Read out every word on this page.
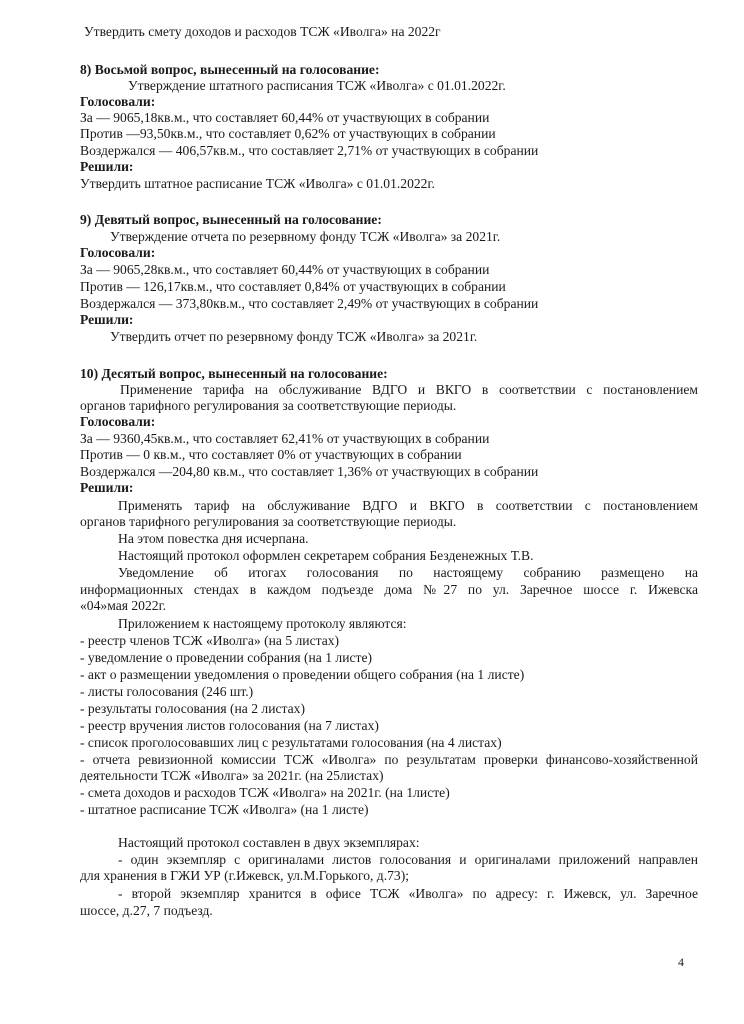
Утвердить смету доходов и расходов ТСЖ «Иволга» на 2022г
8) Восьмой вопрос, вынесенный на голосование:
Утверждение штатного расписания ТСЖ «Иволга» с 01.01.2022г.
Голосовали:
За — 9065,18кв.м., что составляет 60,44% от участвующих в собрании
Против —93,50кв.м., что составляет 0,62% от участвующих в собрании
Воздержался — 406,57кв.м., что составляет 2,71% от участвующих в собрании
Решили:
Утвердить штатное расписание ТСЖ «Иволга» с 01.01.2022г.
9) Девятый вопрос, вынесенный на голосование:
Утверждение отчета по резервному фонду ТСЖ «Иволга» за 2021г.
Голосовали:
За — 9065,28кв.м., что составляет 60,44% от участвующих в собрании
Против — 126,17кв.м., что составляет 0,84% от участвующих в собрании
Воздержался — 373,80кв.м., что составляет 2,49% от участвующих в собрании
Решили:
Утвердить отчет по резервному фонду ТСЖ «Иволга» за 2021г.
10) Десятый вопрос, вынесенный на голосование:
Применение тарифа на обслуживание ВДГО и ВКГО в соответствии с постановлением
органов тарифного регулирования за соответствующие периоды.
Голосовали:
За — 9360,45кв.м., что составляет 62,41% от участвующих в собрании
Против — 0 кв.м., что составляет 0% от участвующих в собрании
Воздержался —204,80 кв.м., что составляет 1,36% от участвующих в собрании
Решили:
Применять тариф на обслуживание ВДГО и ВКГО в соответствии с постановлением
органов тарифного регулирования за соответствующие периоды.
На этом повестка дня исчерпана.
Настоящий протокол оформлен секретарем собрания Безденежных Т.В.
Уведомление об итогах голосования по настоящему собранию размещено на
информационных стендах в каждом подъезде дома №27 по ул. Заречное шоссе г. Ижевска
«04»мая 2022г.
Приложением к настоящему протоколу являются:
- реестр членов ТСЖ «Иволга» (на 5 листах)
- уведомление о проведении собрания (на 1 листе)
- акт о размещении уведомления о проведении общего собрания (на 1 листе)
- листы голосования (246 шт.)
- результаты голосования (на 2 листах)
- реестр вручения листов голосования (на 7 листах)
- список проголосовавших лиц с результатами голосования (на 4 листах)
- отчета ревизионной комиссии ТСЖ «Иволга» по результатам проверки финансово-хозяйственной
деятельности ТСЖ «Иволга» за 2021г. (на 25листах)
- смета доходов и расходов ТСЖ «Иволга» на 2021г. (на 1листе)
- штатное расписание ТСЖ «Иволга» (на 1 листе)
Настоящий протокол составлен в двух экземплярах:
- один экземпляр с оригиналами листов голосования и оригиналами приложений направлен
для хранения в ГЖИ УР (г.Ижевск, ул.М.Горького, д.73);
- второй экземпляр хранится в офисе ТСЖ «Иволга» по адресу: г. Ижевск, ул. Заречное
шоссе, д.27, 7 подъезд.
4
